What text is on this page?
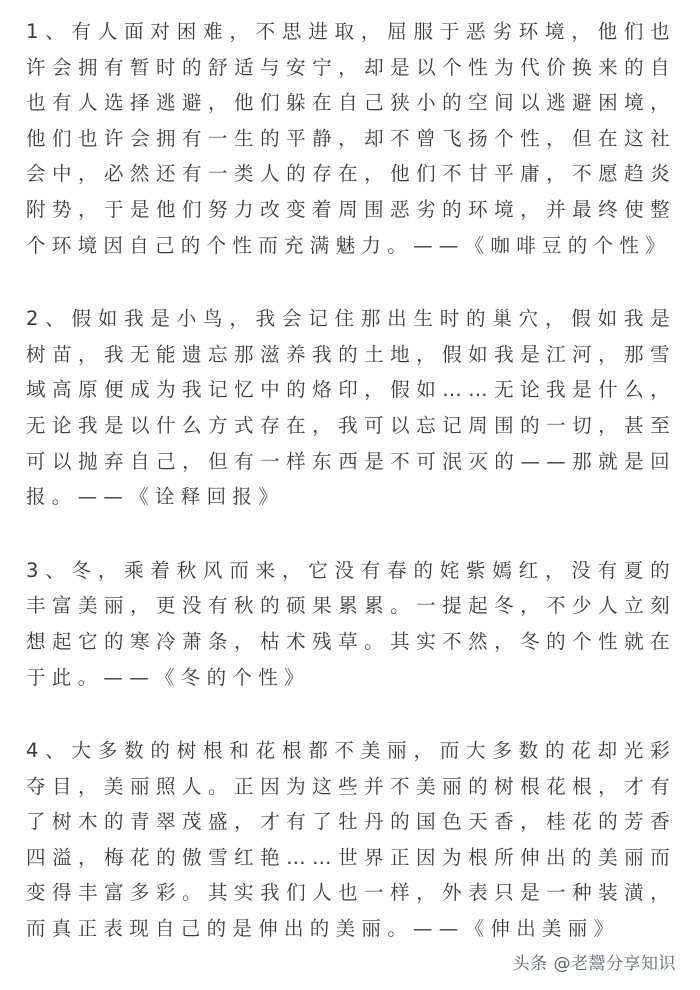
1、有人面对困难，不思进取，屈服于恶劣环境，他们也许会拥有暂时的舒适与安宁，却是以个性为代价换来的自也有人选择逃避，他们躲在自己狭小的空间以逃避困境，他们也许会拥有一生的平静，却不曾飞扬个性，但在这社会中，必然还有一类人的存在，他们不甘平庸，不愿趋炎附势，于是他们努力改变着周围恶劣的环境，并最终使整个环境因自己的个性而充满魅力。——《咖啡豆的个性》

2、假如我是小鸟，我会记住那出生时的巢穴，假如我是树苗，我无能遗忘那滋养我的土地，假如我是江河，那雪域高原便成为我记忆中的烙印，假如……无论我是什么，无论我是以什么方式存在，我可以忘记周围的一切，甚至可以抛弃自己，但有一样东西是不可泯灭的——那就是回报。——《诠释回报》

3、冬，乘着秋风而来，它没有春的姹紫嫣红，没有夏的丰富美丽，更没有秋的硕果累累。一提起冬，不少人立刻想起它的寒冷萧条，枯术残草。其实不然，冬的个性就在于此。——《冬的个性》

4、大多数的树根和花根都不美丽，而大多数的花却光彩夺目，美丽照人。正因为这些并不美丽的树根花根，才有了树木的青翠茂盛，才有了牡丹的国色天香，桂花的芳香四溢，梅花的傲雪红艳……世界正因为根所伸出的美丽而变得丰富多彩。其实我们人也一样，外表只是一种装潢，而真正表现自己的是伸出的美丽。——《伸出美丽》

头条 @老鬶分享知识
